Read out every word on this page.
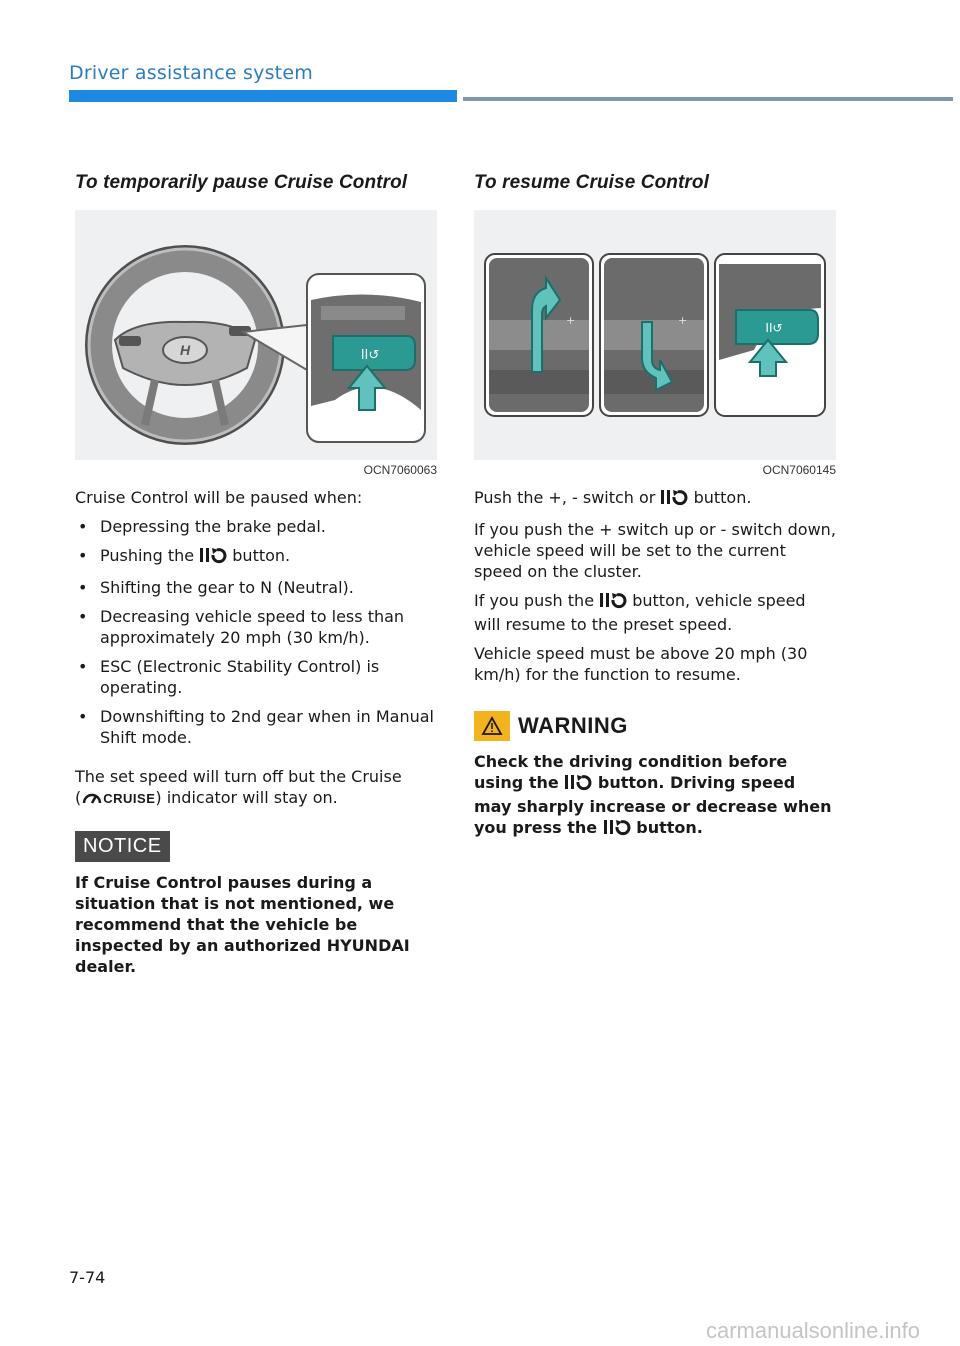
Driver assistance system
To temporarily pause Cruise Control
H	II↺
OCN7060063

Cruise Control will be paused when:

• Depressing the brake pedal.
• Pushing the button.
• Shifting the gear to N (Neutral).
• Decreasing vehicle speed to less than approximately 20 mph (30 km/h).
• ESC (Electronic Stability Control) is operating.
• Downshifting to 2nd gear when in Manual Shift mode.

The set speed will turn off but the Cruise
( CRUISE) indicator will stay on.

NOTICE

If Cruise Control pauses during a situation that is not mentioned, we recommend that the vehicle be inspected by an authorized HYUNDAI dealer.

To resume Cruise Control
+	+
II↺
OCN7060145

Push the +, - switch or button.

If you push the + switch up or - switch down, vehicle speed will be set to the current speed on the cluster.

If you push the button, vehicle speed will resume to the preset speed.

Vehicle speed must be above 20 mph (30 km/h) for the function to resume.

WARNING

Check the driving condition before using the button. Driving speed may sharply increase or decrease when you press the button.

7-74
carmanualsonline.info
